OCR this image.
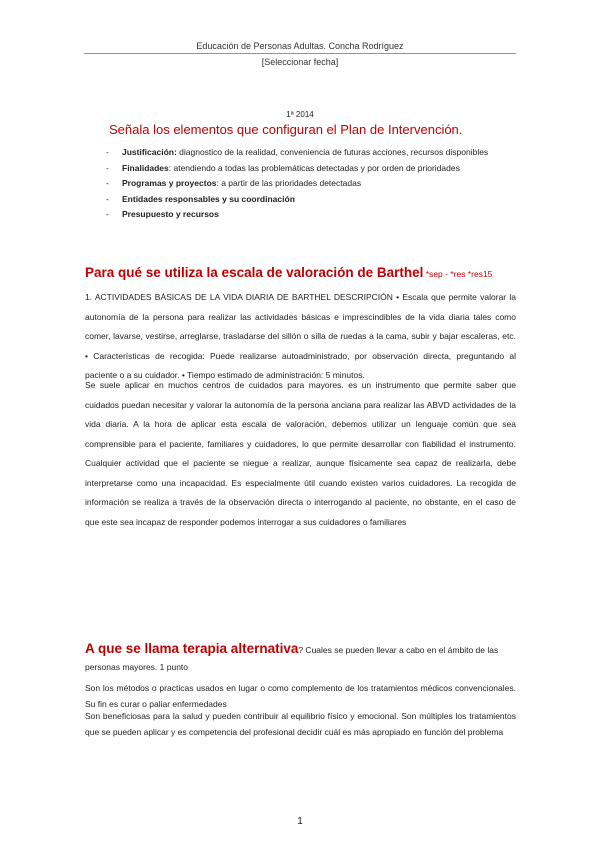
Educación de Personas Adultas. Concha Rodríguez
[Seleccionar fecha]
1ª 2014
Señala los elementos que configuran el Plan de Intervención.
- Justificación: diagnostico de la realidad, conveniencia de futuras acciones, recursos disponibles
- Finalidades: atendiendo a todas las problemáticas detectadas y por orden de prioridades
- Programas y proyectos: a partir de las prioridades detectadas
- Entidades responsables y su coordinación
- Presupuesto y recursos
Para qué se utiliza la escala de valoración de Barthel *sep - *res *res15

1. ACTIVIDADES BÁSICAS DE LA VIDA DIARIA DE BARTHEL DESCRIPCIÓN • Escala que permite valorar la autonomía de la persona para realizar las actividades básicas e imprescindibles de la vida diaria tales como comer, lavarse, vestirse, arreglarse, trasladarse del sillón o silla de ruedas a la cama, subir y bajar escaleras, etc. • Características de recogida: Puede realizarse autoadministrado, por observación directa, preguntando al paciente o a su cuidador. • Tiempo estimado de administración: 5 minutos.

Se suele aplicar en muchos centros de cuidados para mayores. es un instrumento que permite saber que cuidados puedan necesitar y valorar la autonomía de la persona anciana para realizar las ABVD actividades de la vida diaria. A la hora de aplicar esta escala de valoración, debemos utilizar un lenguaje común que sea comprensible para el paciente, familiares y cuidadores, lo que permite desarrollar con fiabilidad el instrumento. Cualquier actividad que el paciente se niegue a realizar, aunque físicamente sea capaz de realizarla, debe interpretarse como una incapacidad. Es especialmente útil cuando existen varios cuidadores. La recogida de información se realiza a través de la observación directa o interrogando al paciente, no obstante, en el caso de que este sea incapaz de responder podemos interrogar a sus cuidadores o familiares

A que se llama terapia alternativa? Cuales se pueden llevar a cabo en el ámbito de las personas mayores. 1 punto

Son los métodos o practicas usados en lugar o como complemento de los tratamientos médicos convencionales. Su fin es curar o paliar enfermedades

Son beneficiosas para la salud y pueden contribuir al equilibrio físico y emocional. Son múltiples los tratamientos que se pueden aplicar y es competencia del profesional decidir cuál es más apropiado en función del problema

1
